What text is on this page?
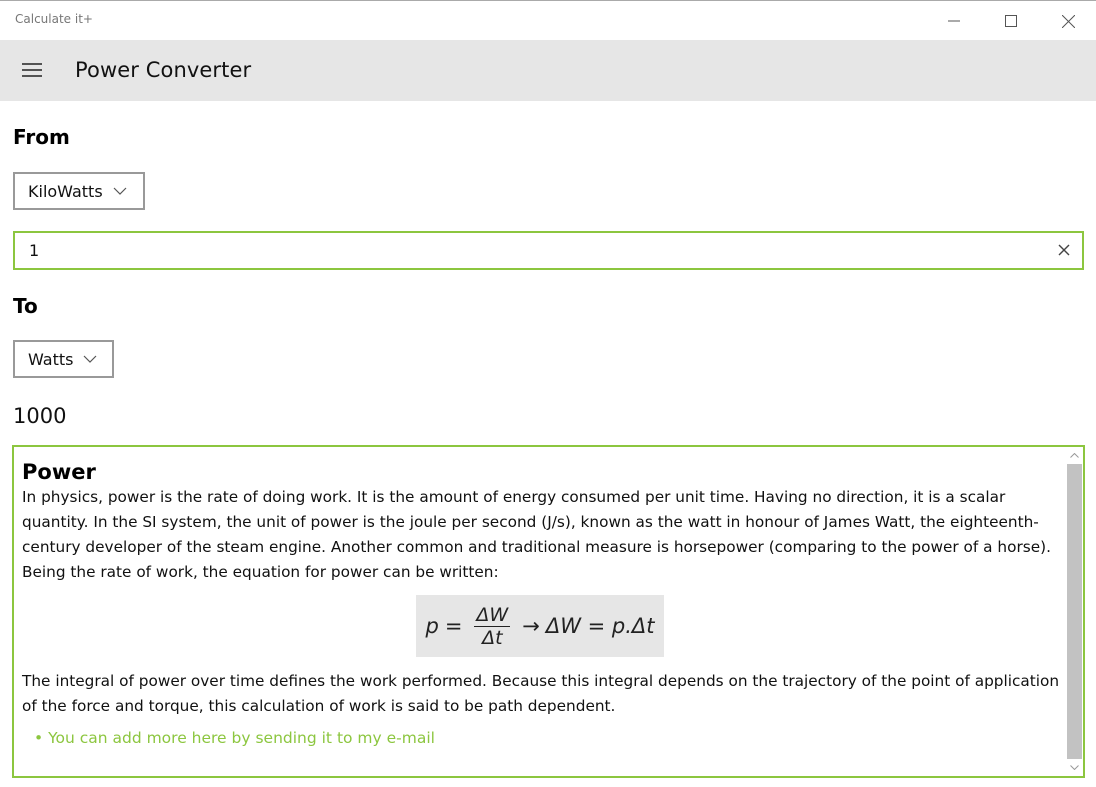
Calculate it+
Power Converter
From
KiloWatts
1
To
Watts
1000
Power

In physics, power is the rate of doing work. It is the amount of energy consumed per unit time. Having no direction, it is a scalar quantity. In the SI system, the unit of power is the joule per second (J/s), known as the watt in honour of James Watt, the eighteenth-century developer of the steam engine. Another common and traditional measure is horsepower (comparing to the power of a horse). Being the rate of work, the equation for power can be written:

$p = \frac{\Delta W}{\Delta t} \to \Delta W = p.\Delta t$

The integral of power over time defines the work performed. Because this integral depends on the trajectory of the point of application of the force and torque, this calculation of work is said to be path dependent.

• You can add more here by sending it to my e-mail
